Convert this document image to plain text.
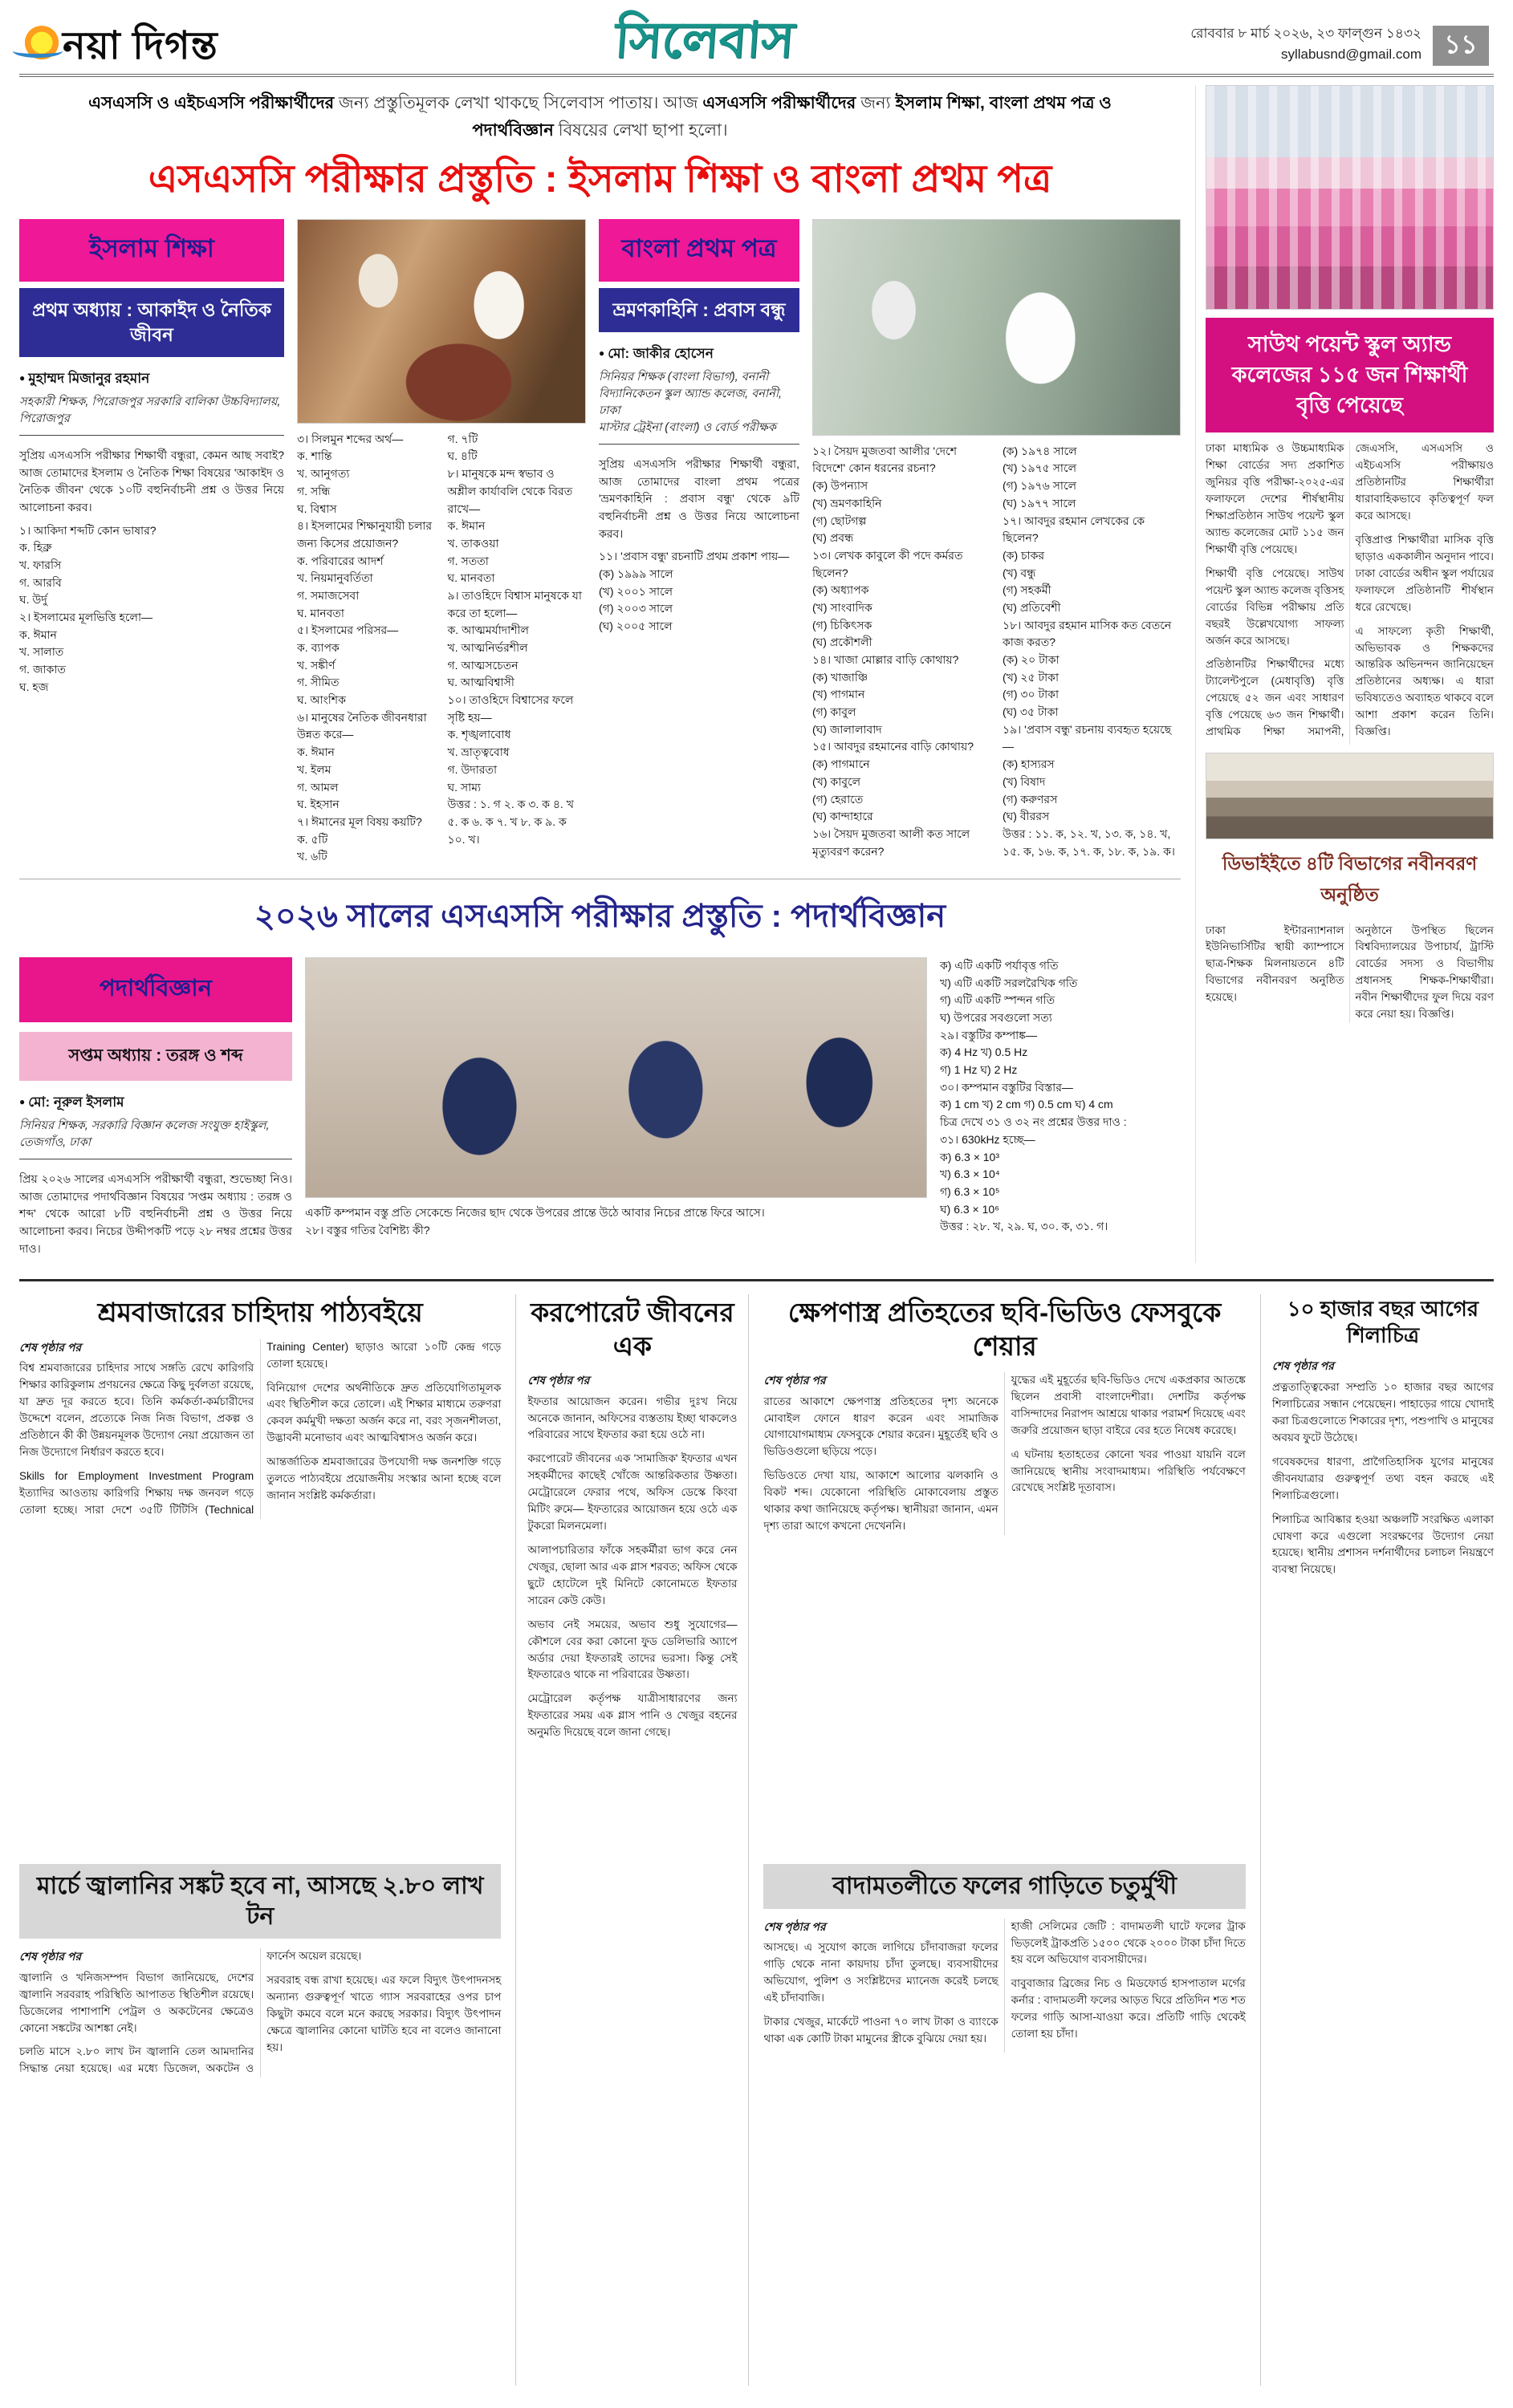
নয়া দিগন্ত	সিলেবাস	রোববার ৮ মার্চ ২০২৬, ২৩ ফাল্গুন ১৪৩২
syllabusnd@gmail.com ১১

এসএসসি ও এইচএসসি পরীক্ষার্থীদের জন্য প্রস্তুতিমূলক লেখা থাকছে সিলেবাস পাতায়। আজ এসএসসি পরীক্ষার্থীদের জন্য ইসলাম শিক্ষা, বাংলা প্রথম পত্র ও পদার্থবিজ্ঞান বিষয়ের লেখা ছাপা হলো।

এসএসসি পরীক্ষার প্রস্তুতি : ইসলাম শিক্ষা ও বাংলা প্রথম পত্র
ইসলাম শিক্ষা
প্রথম অধ্যায় : আকাইদ ও নৈতিক জীবন
● মুহাম্মদ মিজানুর রহমান
সহকারী শিক্ষক, পিরোজপুর সরকারি বালিকা উচ্চবিদ্যালয়, পিরোজপুর

সুপ্রিয় এসএসসি পরীক্ষার শিক্ষার্থী বন্ধুরা, কেমন আছ সবাই? আজ তোমাদের ইসলাম ও নৈতিক শিক্ষা বিষয়ের 'আকাইদ ও নৈতিক জীবন' থেকে ১০টি বহুনির্বাচনী প্রশ্ন ও উত্তর নিয়ে আলোচনা করব।

১। আকিদা শব্দটি কোন ভাষার?
ক. হিব্রু
খ. ফারসি
গ. আরবি
ঘ. উর্দু
২। ইসলামের মূলভিত্তি হলো—
ক. ঈমান
খ. সালাত
গ. জাকাত
ঘ. হজ
৩। সিলমুন শব্দের অর্থ—
ক. শান্তি
খ. আনুগত্য
গ. সন্ধি
ঘ. বিশ্বাস
৪। ইসলামের শিক্ষানুযায়ী চলার
জন্য কিসের প্রয়োজন?
ক. পরিবারের আদর্শ
খ. নিয়মানুবর্তিতা
গ. সমাজসেবা
ঘ. মানবতা
৫। ইসলামের পরিসর—
ক. ব্যাপক
খ. সঙ্কীর্ণ
গ. সীমিত
ঘ. আংশিক
৬। মানুষের নৈতিক জীবনধারা উন্নত করে—
ক. ঈমান
খ. ইলম
গ. আমল
ঘ. ইহসান
৭। ঈমানের মূল বিষয় কয়টি?
ক. ৫টি
খ. ৬টি
গ. ৭টি
ঘ. ৪টি
৮। মানুষকে মন্দ স্বভাব ও অশ্লীল কার্যাবলি থেকে বিরত রাখে—
ক. ঈমান
খ. তাকওয়া
গ. সততা
ঘ. মানবতা
৯। তাওহিদে বিশ্বাস মানুষকে যা করে তা হলো—
ক. আত্মমর্যাদাশীল
খ. আত্মনির্ভরশীল
গ. আত্মসচেতন
ঘ. আত্মবিশ্বাসী
১০। তাওহিদে বিশ্বাসের ফলে সৃষ্টি হয়—
ক. শৃঙ্খলাবোধ
খ. ভ্রাতৃত্ববোধ
গ. উদারতা
ঘ. সাম্য
উত্তর : ১. গ ২. ক ৩. ক ৪. খ ৫. ক ৬. ক ৭. খ ৮. ক ৯. ক ১০. খ।
বাংলা প্রথম পত্র
ভ্রমণকাহিনি : প্রবাস বন্ধু
● মো: জাকীর হোসেন
সিনিয়র শিক্ষক (বাংলা বিভাগ), বনানী বিদ্যানিকেতন স্কুল অ্যান্ড কলেজ, বনানী, ঢাকা
মাস্টার ট্রেইনা (বাংলা) ও বোর্ড পরীক্ষক

সুপ্রিয় এসএসসি পরীক্ষার শিক্ষার্থী বন্ধুরা, আজ তোমাদের বাংলা প্রথম পত্রের 'ভ্রমণকাহিনি : প্রবাস বন্ধু' থেকে ৯টি বহুনির্বাচনী প্রশ্ন ও উত্তর নিয়ে আলোচনা করব।

১১। 'প্রবাস বন্ধু' রচনাটি প্রথম প্রকাশ পায়—
(ক) ১৯৯৯ সালে
(খ) ২০০১ সালে
(গ) ২০০৩ সালে
(ঘ) ২০০৫ সালে
১২। সৈয়দ মুজতবা আলীর 'দেশে বিদেশে' কোন ধরনের রচনা?
(ক) উপন্যাস
(খ) ভ্রমণকাহিনি
(গ) ছোটগল্প
(ঘ) প্রবন্ধ
১৩। লেখক কাবুলে কী পদে কর্মরত ছিলেন?
(ক) অধ্যাপক
(খ) সাংবাদিক
(গ) চিকিৎসক
(ঘ) প্রকৌশলী
১৪। খাজা মোল্লার বাড়ি কোথায়?
(ক) খাজাঞ্চি
(খ) পাগমান
(গ) কাবুল
(ঘ) জালালাবাদ
১৫। আবদুর রহমানের বাড়ি কোথায়?
(ক) পাগমানে
(খ) কাবুলে
(গ) হেরাতে
(ঘ) কান্দাহারে
১৬। সৈয়দ মুজতবা আলী কত সালে মৃত্যুবরণ করেন?
(ক) ১৯৭৪ সালে
(খ) ১৯৭৫ সালে
(গ) ১৯৭৬ সালে
(ঘ) ১৯৭৭ সালে
১৭। আবদুর রহমান লেখকের কে ছিলেন?
(ক) চাকর
(খ) বন্ধু
(গ) সহকর্মী
(ঘ) প্রতিবেশী
১৮। আবদুর রহমান মাসিক কত বেতনে কাজ করত?
(ক) ২০ টাকা
(খ) ২৫ টাকা
(গ) ৩০ টাকা
(ঘ) ৩৫ টাকা
১৯। 'প্রবাস বন্ধু' রচনায় ব্যবহৃত হয়েছে—
(ক) হাস্যরস
(খ) বিষাদ
(গ) করুণরস
(ঘ) বীররস
উত্তর : ১১. ক, ১২. খ, ১৩. ক, ১৪. খ, ১৫. ক, ১৬. ক, ১৭. ক, ১৮. ক, ১৯. ক।
২০২৬ সালের এসএসসি পরীক্ষার প্রস্তুতি : পদার্থবিজ্ঞান
পদার্থবিজ্ঞান
সপ্তম অধ্যায় : তরঙ্গ ও শব্দ
● মো: নূরুল ইসলাম
সিনিয়র শিক্ষক, সরকারি বিজ্ঞান কলেজ সংযুক্ত হাইস্কুল, তেজগাঁও, ঢাকা

প্রিয় ২০২৬ সালের এসএসসি পরীক্ষার্থী বন্ধুরা, শুভেচ্ছা নিও। আজ তোমাদের পদার্থবিজ্ঞান বিষয়ের 'সপ্তম অধ্যায় : তরঙ্গ ও শব্দ' থেকে আরো ৮টি বহুনির্বাচনী প্রশ্ন ও উত্তর নিয়ে আলোচনা করব। নিচের উদ্দীপকটি পড়ে ২৮ নম্বর প্রশ্নের উত্তর দাও।

একটি কম্পমান বস্তু প্রতি সেকেন্ডে নিজের ছাদ থেকে উপরের প্রান্তে উঠে আবার নিচের প্রান্তে ফিরে আসে।
২৮। বস্তুর গতির বৈশিষ্ট্য কী?
ক) এটি একটি পর্যাবৃত্ত গতি
খ) এটি একটি সরলরৈখিক গতি
গ) এটি একটি স্পন্দন গতি
ঘ) উপরের সবগুলো সত্য
২৯। বস্তুটির কম্পাঙ্ক—
ক) 4 Hz খ) 0.5 Hz
গ) 1 Hz ঘ) 2 Hz
৩০। কম্পমান বস্তুটির বিস্তার—
ক) 1 cm খ) 2 cm গ) 0.5 cm ঘ) 4 cm
চিত্র দেখে ৩১ ও ৩২ নং প্রশ্নের উত্তর দাও :
৩১। 630kHz হচ্ছে—
ক) 6.3 × 10³
খ) 6.3 × 10⁴
গ) 6.3 × 10⁵
ঘ) 6.3 × 10⁶
উত্তর : ২৮. খ, ২৯. ঘ, ৩০. ক, ৩১. গ।
সাউথ পয়েন্ট স্কুল অ্যান্ড কলেজের ১১৫ জন শিক্ষার্থী বৃত্তি পেয়েছে
ঢাকা মাধ্যমিক ও উচ্চমাধ্যমিক শিক্ষা বোর্ডের সদ্য প্রকাশিত জুনিয়র বৃত্তি পরীক্ষা-২০২৫-এর ফলাফলে দেশের শীর্ষস্থানীয় শিক্ষাপ্রতিষ্ঠান সাউথ পয়েন্ট স্কুল অ্যান্ড কলেজের মোট ১১৫ জন শিক্ষার্থী বৃত্তি পেয়েছে।
শিক্ষার্থী বৃত্তি পেয়েছে। সাউথ পয়েন্ট স্কুল অ্যান্ড কলেজ বৃত্তিসহ বোর্ডের বিভিন্ন পরীক্ষায় প্রতি বছরই উল্লেখযোগ্য সাফল্য অর্জন করে আসছে।
প্রতিষ্ঠানটির শিক্ষার্থীদের মধ্যে ট্যালেন্টপুলে (মেধাবৃত্তি) বৃত্তি পেয়েছে ৫২ জন এবং সাধারণ বৃত্তি পেয়েছে ৬৩ জন শিক্ষার্থী। প্রাথমিক শিক্ষা সমাপনী, জেএসসি, এসএসসি ও এইচএসসি পরীক্ষায়ও প্রতিষ্ঠানটির শিক্ষার্থীরা ধারাবাহিকভাবে কৃতিত্বপূর্ণ ফল করে আসছে।
বৃত্তিপ্রাপ্ত শিক্ষার্থীরা মাসিক বৃত্তি ছাড়াও এককালীন অনুদান পাবে। ঢাকা বোর্ডের অধীন স্কুল পর্যায়ের ফলাফলে প্রতিষ্ঠানটি শীর্ষস্থান ধরে রেখেছে।
এ সাফল্যে কৃতী শিক্ষার্থী, অভিভাবক ও শিক্ষকদের আন্তরিক অভিনন্দন জানিয়েছেন প্রতিষ্ঠানের অধ্যক্ষ। এ ধারা ভবিষ্যতেও অব্যাহত থাকবে বলে আশা প্রকাশ করেন তিনি। বিজ্ঞপ্তি।
ডিভাইইতে ৪টি বিভাগের নবীনবরণ অনুষ্ঠিত
ঢাকা ইন্টারন্যাশনাল ইউনিভার্সিটির স্থায়ী ক্যাম্পাসে ছাত্র-শিক্ষক মিলনায়তনে ৪টি বিভাগের নবীনবরণ অনুষ্ঠিত হয়েছে।
অনুষ্ঠানে উপস্থিত ছিলেন বিশ্ববিদ্যালয়ের উপাচার্য, ট্রাস্টি বোর্ডের সদস্য ও বিভাগীয় প্রধানসহ শিক্ষক-শিক্ষার্থীরা। নবীন শিক্ষার্থীদের ফুল দিয়ে বরণ করে নেয়া হয়। বিজ্ঞপ্তি।
শ্রমবাজারের চাহিদায় পাঠ্যবইয়ে
শেষ পৃষ্ঠার পর
বিশ্ব শ্রমবাজারের চাহিদার সাথে সঙ্গতি রেখে কারিগরি শিক্ষার কারিকুলাম প্রণয়নের ক্ষেত্রে কিছু দুর্বলতা রয়েছে, যা দ্রুত দূর করতে হবে। তিনি কর্মকর্তা-কর্মচারীদের উদ্দেশে বলেন, প্রত্যেকে নিজ নিজ বিভাগ, প্রকল্প ও প্রতিষ্ঠানে কী কী উন্নয়নমূলক উদ্যোগ নেয়া প্রয়োজন তা নিজ উদ্যোগে নির্ধারণ করতে হবে।
Skills for Employment Investment Program ইত্যাদির আওতায় কারিগরি শিক্ষায় দক্ষ জনবল গড়ে তোলা হচ্ছে। সারা দেশে ৩৫টি টিটিসি (Technical Training Center) ছাড়াও আরো ১০টি কেন্দ্র গড়ে তোলা হয়েছে।
বিনিয়োগ দেশের অর্থনীতিকে দ্রুত প্রতিযোগিতামূলক এবং স্থিতিশীল করে তোলে। এই শিক্ষার মাধ্যমে তরুণরা কেবল কর্মমুখী দক্ষতা অর্জন করে না, বরং সৃজনশীলতা, উদ্ভাবনী মনোভাব এবং আত্মবিশ্বাসও অর্জন করে।
আন্তর্জাতিক শ্রমবাজারের উপযোগী দক্ষ জনশক্তি গড়ে তুলতে পাঠ্যবইয়ে প্রয়োজনীয় সংস্কার আনা হচ্ছে বলে জানান সংশ্লিষ্ট কর্মকর্তারা।
মার্চে জ্বালানির সঙ্কট হবে না, আসছে ২.৮০ লাখ টন
শেষ পৃষ্ঠার পর
জ্বালানি ও খনিজসম্পদ বিভাগ জানিয়েছে, দেশের জ্বালানি সরবরাহ পরিস্থিতি আপাতত স্থিতিশীল রয়েছে। ডিজেলের পাশাপাশি পেট্রল ও অকটেনের ক্ষেত্রেও কোনো সঙ্কটের আশঙ্কা নেই।
চলতি মাসে ২.৮০ লাখ টন জ্বালানি তেল আমদানির সিদ্ধান্ত নেয়া হয়েছে। এর মধ্যে ডিজেল, অকটেন ও ফার্নেস অয়েল রয়েছে।
সরবরাহ বন্ধ রাখা হয়েছে। এর ফলে বিদ্যুৎ উৎপাদনসহ অন্যান্য গুরুত্বপূর্ণ খাতে গ্যাস সরবরাহের ওপর চাপ কিছুটা কমবে বলে মনে করছে সরকার। বিদ্যুৎ উৎপাদন ক্ষেত্রে জ্বালানির কোনো ঘাটতি হবে না বলেও জানানো হয়।
করপোরেট জীবনের এক
শেষ পৃষ্ঠার পর
ইফতার আয়োজন করেন। গভীর দুঃখ নিয়ে অনেকে জানান, অফিসের ব্যস্ততায় ইচ্ছা থাকলেও পরিবারের সাথে ইফতার করা হয়ে ওঠে না।
করপোরেট জীবনের এক 'সামাজিক' ইফতার এখন সহকর্মীদের কাছেই খোঁজে আন্তরিকতার উষ্ণতা। মেট্রোরেলে ফেরার পথে, অফিস ডেস্কে কিংবা মিটিং রুমে— ইফতারের আয়োজন হয়ে ওঠে এক টুকরো মিলনমেলা।
আলাপচারিতার ফাঁকে সহকর্মীরা ভাগ করে নেন খেজুর, ছোলা আর এক গ্লাস শরবত; অফিস থেকে ছুটে হোটেলে দুই মিনিটে কোনোমতে ইফতার সারেন কেউ কেউ।
অভাব নেই সময়ের, অভাব শুধু সুযোগের— কৌশলে বের করা কোনো ফুড ডেলিভারি অ্যাপে অর্ডার দেয়া ইফতারই তাদের ভরসা। কিন্তু সেই ইফতারেও থাকে না পরিবারের উষ্ণতা।
মেট্রোরেল কর্তৃপক্ষ যাত্রীসাধারণের জন্য ইফতারের সময় এক গ্লাস পানি ও খেজুর বহনের অনুমতি দিয়েছে বলে জানা গেছে।
ক্ষেপণাস্ত্র প্রতিহতের ছবি-ভিডিও ফেসবুকে শেয়ার
শেষ পৃষ্ঠার পর
রাতের আকাশে ক্ষেপণাস্ত্র প্রতিহতের দৃশ্য অনেকে মোবাইল ফোনে ধারণ করেন এবং সামাজিক যোগাযোগমাধ্যম ফেসবুকে শেয়ার করেন। মুহূর্তেই ছবি ও ভিডিওগুলো ছড়িয়ে পড়ে।
ভিডিওতে দেখা যায়, আকাশে আলোর ঝলকানি ও বিকট শব্দ। যেকোনো পরিস্থিতি মোকাবেলায় প্রস্তুত থাকার কথা জানিয়েছে কর্তৃপক্ষ। স্থানীয়রা জানান, এমন দৃশ্য তারা আগে কখনো দেখেননি।
যুদ্ধের এই মুহূর্তের ছবি-ভিডিও দেখে একপ্রকার আতঙ্কে ছিলেন প্রবাসী বাংলাদেশীরা। দেশটির কর্তৃপক্ষ বাসিন্দাদের নিরাপদ আশ্রয়ে থাকার পরামর্শ দিয়েছে এবং জরুরি প্রয়োজন ছাড়া বাইরে বের হতে নিষেধ করেছে।
এ ঘটনায় হতাহতের কোনো খবর পাওয়া যায়নি বলে জানিয়েছে স্থানীয় সংবাদমাধ্যম। পরিস্থিতি পর্যবেক্ষণে রেখেছে সংশ্লিষ্ট দূতাবাস।
বাদামতলীতে ফলের গাড়িতে চতুর্মুখী
শেষ পৃষ্ঠার পর
আসছে। এ সুযোগ কাজে লাগিয়ে চাঁদাবাজরা ফলের গাড়ি থেকে নানা কায়দায় চাঁদা তুলছে। ব্যবসায়ীদের অভিযোগ, পুলিশ ও সংশ্লিষ্টদের ম্যানেজ করেই চলছে এই চাঁদাবাজি।
টাকার খেজুর, মার্কেটে পাওনা ৭০ লাখ টাকা ও ব্যাংকে থাকা এক কোটি টাকা মামুনের স্ত্রীকে বুঝিয়ে দেয়া হয়।
হাজী সেলিমের জেটি : বাদামতলী ঘাটে ফলের ট্রাক ভিড়লেই ট্রাকপ্রতি ১৫০০ থেকে ২০০০ টাকা চাঁদা দিতে হয় বলে অভিযোগ ব্যবসায়ীদের।
বাবুবাজার ব্রিজের নিচ ও মিডফোর্ড হাসপাতাল মর্গের কর্নার : বাদামতলী ফলের আড়ত ঘিরে প্রতিদিন শত শত ফলের গাড়ি আসা-যাওয়া করে। প্রতিটি গাড়ি থেকেই তোলা হয় চাঁদা।
১০ হাজার বছর আগের শিলাচিত্র
শেষ পৃষ্ঠার পর
প্রত্নতাত্ত্বিকেরা সম্প্রতি ১০ হাজার বছর আগের শিলাচিত্রের সন্ধান পেয়েছেন। পাহাড়ের গায়ে খোদাই করা চিত্রগুলোতে শিকারের দৃশ্য, পশুপাখি ও মানুষের অবয়ব ফুটে উঠেছে।
গবেষকদের ধারণা, প্রাগৈতিহাসিক যুগের মানুষের জীবনযাত্রার গুরুত্বপূর্ণ তথ্য বহন করছে এই শিলাচিত্রগুলো।
শিলাচিত্র আবিষ্কার হওয়া অঞ্চলটি সংরক্ষিত এলাকা ঘোষণা করে এগুলো সংরক্ষণের উদ্যোগ নেয়া হয়েছে। স্থানীয় প্রশাসন দর্শনার্থীদের চলাচল নিয়ন্ত্রণে ব্যবস্থা নিয়েছে।
